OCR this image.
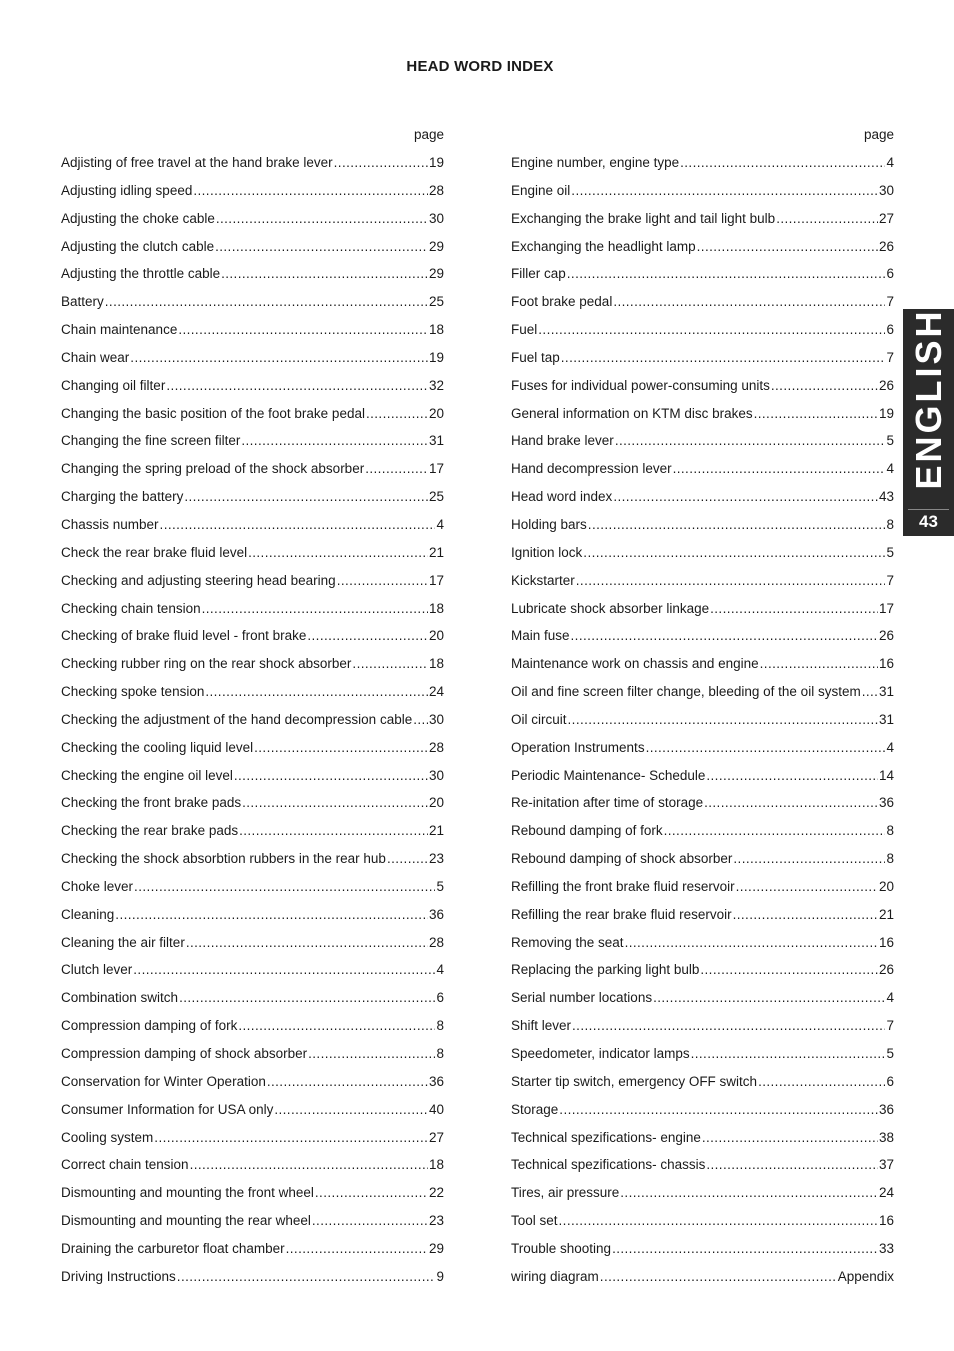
HEAD WORD INDEX
page
Adjisting of free travel at the hand brake lever .....	19
Adjusting idling speed .....	28
Adjusting the choke cable .....	30
Adjusting the clutch cable .....	29
Adjusting the throttle cable .....	29
Battery .....	25
Chain maintenance .....	18
Chain wear .....	19
Changing oil filter .....	32
Changing the basic position of the foot brake pedal .....	20
Changing the fine screen filter .....	31
Changing the spring preload of the shock absorber .....	17
Charging the battery .....	25
Chassis number .....	4
Check the rear brake fluid level .....	21
Checking and adjusting steering head bearing .....	17
Checking chain tension .....	18
Checking of brake fluid level - front brake .....	20
Checking rubber ring on the rear shock absorber .....	18
Checking spoke tension .....	24
Checking the adjustment of the hand decompression cable ..... 30
Checking the cooling liquid level .....	28
Checking the engine oil level .....	30
Checking the front brake pads .....	20
Checking the rear brake pads .....	21
Checking the shock absorbtion rubbers in the rear hub .....	23
Choke lever .....	5
Cleaning .....	36
Cleaning the air filter .....	28
Clutch lever .....	4
Combination switch .....	6
Compression damping of fork .....	8
Compression damping of shock absorber .....	8
Conservation for Winter Operation .....	36
Consumer Information for USA only .....	40
Cooling system .....	27
Correct chain tension .....	18
Dismounting and mounting the front wheel .....	22
Dismounting and mounting the rear wheel .....	23
Draining the carburetor float chamber .....	29
Driving Instructions .....	9
page
Engine number, engine type .....	4
Engine oil .....	30
Exchanging the brake light and tail light bulb .....	27
Exchanging the headlight lamp .....	26
Filler cap .....	6
Foot brake pedal .....	7
Fuel .....	6
Fuel tap .....	7
Fuses for individual power-consuming units .....	26
General information on KTM disc brakes .....	19
Hand brake lever .....	5
Hand decompression lever .....	4
Head word index .....	43
Holding bars .....	8
Ignition lock .....	5
Kickstarter .....	7
Lubricate shock absorber linkage .....	17
Main fuse .....	26
Maintenance work on chassis and engine .....	16
Oil and fine screen filter change, bleeding of the oil system ..... 31
Oil circuit .....	31
Operation Instruments .....	4
Periodic Maintenance- Schedule .....	14
Re-initation after time of storage .....	36
Rebound damping of fork .....	8
Rebound damping of shock absorber .....	8
Refilling the front brake fluid reservoir .....	20
Refilling the rear brake fluid reservoir .....	21
Removing the seat .....	16
Replacing the parking light bulb .....	26
Serial number locations .....	4
Shift lever .....	7
Speedometer, indicator lamps .....	5
Starter tip switch, emergency OFF switch .....	6
Storage .....	36
Technical spezifications- engine .....	38
Technical spezifications- chassis .....	37
Tires, air pressure .....	24
Tool set .....	16
Trouble shooting .....	33
wiring diagram .....	Appendix
ENGLISH
43
